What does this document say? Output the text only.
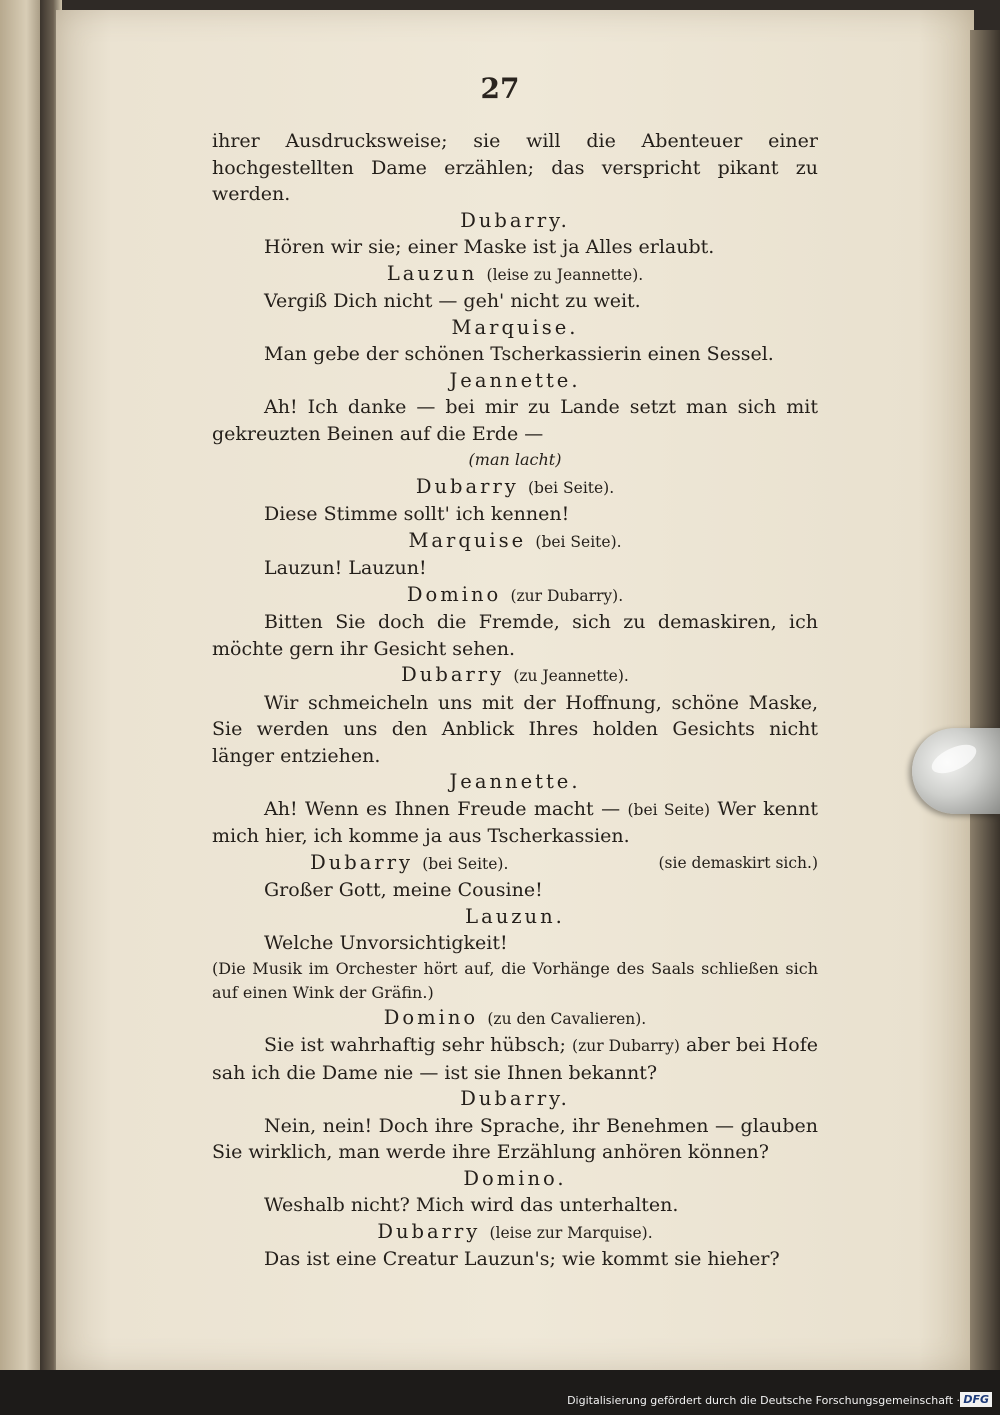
27

ihrer Ausdrucksweise; sie will die Abenteuer einer hochgestellten Dame erzählen; das verspricht pikant zu werden.

Dubarry.

Hören wir sie; einer Maske ist ja Alles erlaubt.

Lauzun (leise zu Jeannette).

Vergiß Dich nicht — geh' nicht zu weit.

Marquise.

Man gebe der schönen Tscherkassierin einen Sessel.

Jeannette.

Ah! Ich danke — bei mir zu Lande setzt man sich mit gekreuzten Beinen auf die Erde —

(man lacht)

Dubarry (bei Seite).

Diese Stimme sollt' ich kennen!

Marquise (bei Seite).

Lauzun! Lauzun!

Domino (zur Dubarry).

Bitten Sie doch die Fremde, sich zu demaskiren, ich möchte gern ihr Gesicht sehen.

Dubarry (zu Jeannette).

Wir schmeicheln uns mit der Hoffnung, schöne Maske, Sie werden uns den Anblick Ihres holden Gesichts nicht länger entziehen.

Jeannette.

Ah! Wenn es Ihnen Freude macht — (bei Seite) Wer kennt mich hier, ich komme ja aus Tscherkassien.
(sie demaskirt sich.)

Dubarry (bei Seite).

Großer Gott, meine Cousine!

Lauzun.

Welche Unvorsichtigkeit!

(Die Musik im Orchester hört auf, die Vorhänge des Saals schließen sich auf einen Wink der Gräfin.)

Domino (zu den Cavalieren).

Sie ist wahrhaftig sehr hübsch; (zur Dubarry) aber bei Hofe sah ich die Dame nie — ist sie Ihnen bekannt?

Dubarry.

Nein, nein! Doch ihre Sprache, ihr Benehmen — glauben Sie wirklich, man werde ihre Erzählung anhören können?

Domino.

Weshalb nicht? Mich wird das unterhalten.

Dubarry (leise zur Marquise).

Das ist eine Creatur Lauzun's; wie kommt sie hieher?

Digitalisierung gefördert durch die Deutsche Forschungsgemeinschaft · DFG
